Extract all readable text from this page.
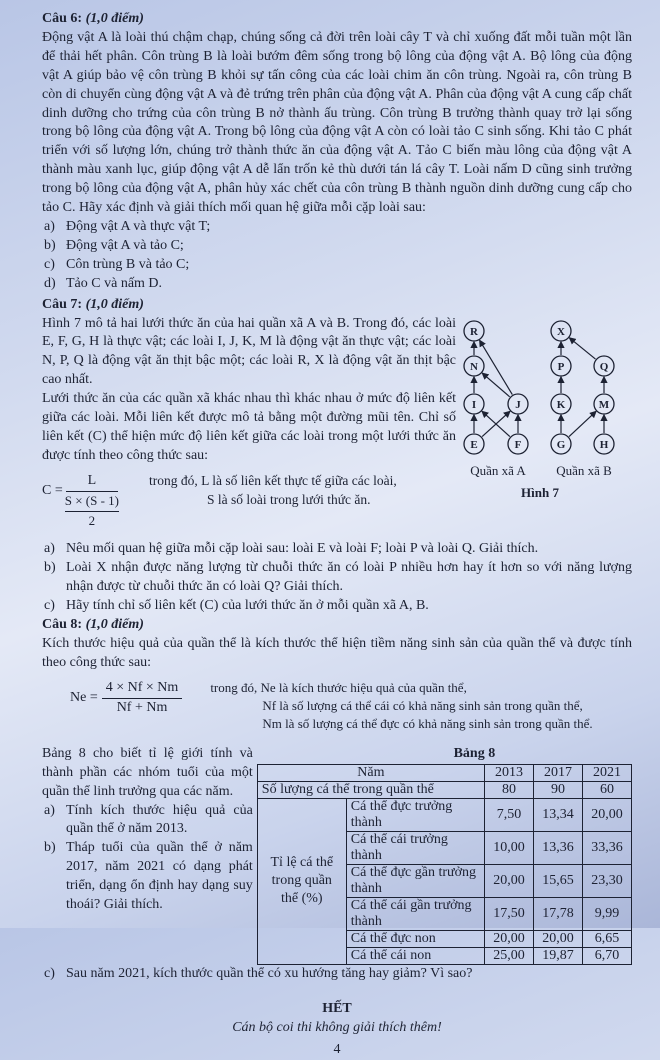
Câu 6: (1,0 điểm)

Động vật A là loài thú chậm chạp, chúng sống cả đời trên loài cây T và chỉ xuống đất mỗi tuần một lần để thải hết phân. Côn trùng B là loài bướm đêm sống trong bộ lông của động vật A. Bộ lông của động vật A giúp bảo vệ côn trùng B khỏi sự tấn công của các loài chim ăn côn trùng. Ngoài ra, côn trùng B còn di chuyển cùng động vật A và đẻ trứng trên phân của động vật A. Phân của động vật A cung cấp chất dinh dưỡng cho trứng của côn trùng B nở thành ấu trùng. Côn trùng B trưởng thành quay trở lại sống trong bộ lông của động vật A. Trong bộ lông của động vật A còn có loài tảo C sinh sống. Khi tảo C phát triển với số lượng lớn, chúng trở thành thức ăn của động vật A. Tảo C biến màu lông của động vật A thành màu xanh lục, giúp động vật A dễ lẩn trốn kẻ thù dưới tán lá cây T. Loài nấm D cũng sinh trưởng trong bộ lông của động vật A, phân hủy xác chết của côn trùng B thành nguồn dinh dưỡng cung cấp cho tảo C. Hãy xác định và giải thích mối quan hệ giữa mỗi cặp loài sau:

a) Động vật A và thực vật T;
b) Động vật A và tảo C;
c) Côn trùng B và tảo C;
d) Tảo C và nấm D.
Câu 7: (1,0 điểm)

Hình 7 mô tả hai lưới thức ăn của hai quần xã A và B. Trong đó, các loài E, F, G, H là thực vật; các loài I, J, K, M là động vật ăn thực vật; các loài N, P, Q là động vật ăn thịt bậc một; các loài R, X là động vật ăn thịt bậc cao nhất.

Lưới thức ăn của các quần xã khác nhau thì khác nhau ở mức độ liên kết giữa các loài. Mỗi liên kết được mô tả bằng một đường mũi tên. Chỉ số liên kết (C) thể hiện mức độ liên kết giữa các loài trong một lưới thức ăn được tính theo công thức sau:

R
N
I	J
E	F
X
P	Q
K	M
G	H
Quần xã A Quần xã B
Hình 7
C = L
S × (S - 1)
2 trong đó, L là số liên kết thực tế giữa các loài,
S là số loài trong lưới thức ăn.
a) Nêu mối quan hệ giữa mỗi cặp loài sau: loài E và loài F; loài P và loài Q. Giải thích.
b) Loài X nhận được năng lượng từ chuỗi thức ăn có loài P nhiều hơn hay ít hơn so với năng lượng nhận được từ chuỗi thức ăn có loài Q? Giải thích.
c) Hãy tính chỉ số liên kết (C) của lưới thức ăn ở mỗi quần xã A, B.
Câu 8: (1,0 điểm)

Kích thước hiệu quả của quần thể là kích thước thể hiện tiềm năng sinh sản của quần thể và được tính theo công thức sau:

$Ne = \frac{4 \times Nf \times Nm}{Nf + Nm}$ trong đó, Ne là kích thước hiệu quả của quần thể,
Nf là số lượng cá thể cái có khả năng sinh sản trong quần thể,
Nm là số lượng cá thể đực có khả năng sinh sản trong quần thể.

Bảng 8 cho biết tỉ lệ giới tính và thành phần các nhóm tuổi của một quần thể linh trưởng qua các năm.

a) Tính kích thước hiệu quả của quần thể ở năm 2013.
b) Tháp tuổi của quần thể ở năm 2017, năm 2021 có dạng phát triển, dạng ổn định hay dạng suy thoái? Giải thích.
Bảng 8
Năm		2013	2017	2021
Số lượng cá thể trong quần thể		80	90	60
Tỉ lệ cá thể trong quần thể (%)	Cá thể đực trưởng thành	7,50	13,34	20,00
	Cá thể cái trưởng thành	10,00	13,36	33,36
	Cá thể đực gần trưởng thành	20,00	15,65	23,30
	Cá thể cái gần trưởng thành	17,50	17,78	9,99
	Cá thể đực non	20,00	20,00	6,65
	Cá thể cái non	25,00	19,87	6,70
c) Sau năm 2021, kích thước quần thể có xu hướng tăng hay giảm? Vì sao?
HẾT
Cán bộ coi thi không giải thích thêm!
4
